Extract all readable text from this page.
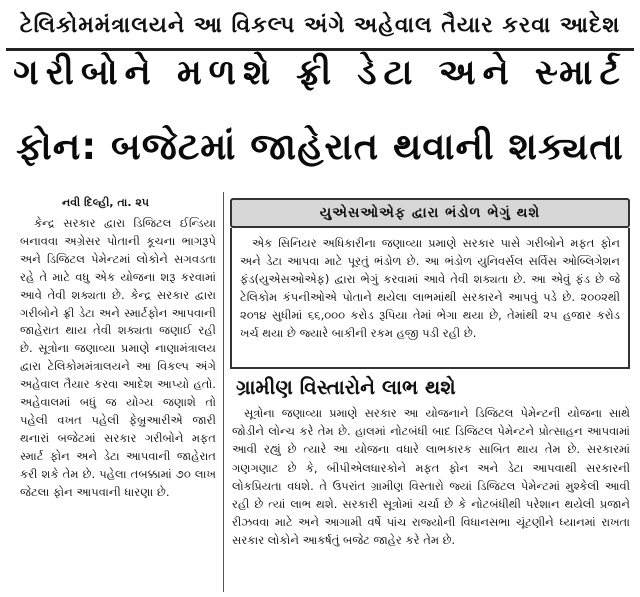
ટેલિકોમમંત્રાલયને આ વિકલ્પ અંગે અહેવાલ તૈયાર કરવા આદેશ
ગરીબોને મળશે ફ્રી ડેટા અને સ્માર્ટ
ફોન: બજેટમાં જાહેરાત થવાની શક્યતા
નવી દિલ્હી, તા. ૨૫

કેન્દ્ર સરકાર દ્વારા ડિજિટલ ઈન્ડિયા બનાવવા અગ્રેસર પોતાની કૂચના ભાગરૂપે અને ડિજિટલ પેમેન્ટમાં લોકોને સગવડતા રહે તે માટે વધુ એક યોજના શરૂ કરવામાં આવે તેવી શક્યતા છે. કેન્દ્ર સરકાર દ્વારા ગરીબોને ફ્રી ડેટા અને સ્માર્ટફોન આપવાની જાહેરાત થાય તેવી શક્યતા જણાઈ રહી છે. સૂત્રોના જણાવ્યા પ્રમાણે નાણામંત્રાલય દ્વારા ટેલિકોમમંત્રાલયને આ વિકલ્પ અંગે અહેવાલ તૈયાર કરવા આદેશ આપ્યો હતો. અહેવાલમાં બધું જ યોગ્ય જણાશે તો પહેલી વખત પહેલી ફેબ્રુઆરીએ જારી થનારાં બજેટમાં સરકાર ગરીબોને મફત સ્માર્ટ ફોન અને ડેટા આપવાની જાહેરાત કરી શકે તેમ છે. પહેલા તબક્કામાં ૭૦ લાખ જેટલા ફોન આપવાની ધારણા છે.

યુએસઓએફ દ્વારા ભંડોળ ભેગું થશે

એક સિનિયર અધિકારીના જણાવ્યા પ્રમાણે સરકાર પાસે ગરીબોને મફત ફોન અને ડેટા આપવા માટે પૂરતું ભંડોળ છે. આ ભંડોળ યુનિવર્સલ સર્વિસ ઓબ્લિગેશન ફંડ(યુએસઓએફ) દ્વારા ભેગું કરવામાં આવે તેવી શક્યતા છે. આ એવું ફંડ છે જે ટેલિકોમ કંપનીઓએ પોતાને થયેલા લાભમાંથી સરકારને આપવું પડે છે. ૨૦૦૨થી ૨૦૧૪ સુધીમાં ૬૬,૦૦૦ કરોડ રૂપિયા તેમાં ભેગા થયા છે, તેમાંથી ૨૫ હજાર કરોડ ખર્ચ થયા છે જ્યારે બાકીની રકમ હજી પડી રહી છે.

ગ્રામીણ વિસ્તારોને લાભ થશે

સૂત્રોના જણાવ્યા પ્રમાણે સરકાર આ યોજનાને ડિજિટલ પેમેન્ટની યોજના સાથે જોડીને લોન્ચ કરે તેમ છે. હાલમાં નોટબંધી બાદ ડિજિટલ પેમેન્ટને પ્રોત્સાહન આપવામાં આવી રહ્યું છે ત્યારે આ યોજના વધારે લાભકારક સાબિત થાય તેમ છે. સરકારમાં ગણગણાટ છે કે, બીપીએલધારકોને મફત ફોન અને ડેટા આપવાથી સરકારની લોકપ્રિયતા વધશે. તે ઉપરાંત ગ્રામીણ વિસ્તારો જ્યાં ડિજિટલ પેમેન્ટમાં મુશ્કેલી આવી રહી છે ત્યાં લાભ થશે. સરકારી સૂત્રોમાં ચર્ચા છે કે નોટબંધીથી પરેશાન થયેલી પ્રજાને રીઝવવા માટે અને આગામી વર્ષે પાંચ રાજ્યોની વિધાનસભા ચૂંટણીને ધ્યાનમાં રાખતા સરકાર લોકોને આકર્ષતું બજેટ જાહેર કરે તેમ છે.
